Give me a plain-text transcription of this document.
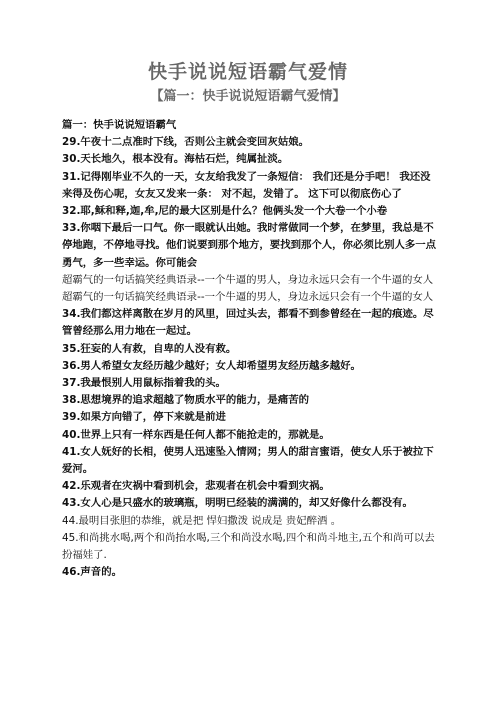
快手说说短语霸气爱情
【篇一：快手说说短语霸气爱情】

篇一：快手说说短语霸气

29.午夜十二点准时下线，否则公主就会变回灰姑娘。

30.天长地久，根本没有。海枯石烂，纯属扯淡。

31.记得刚毕业不久的一天，女友给我发了一条短信： 我们还是分手吧！ 我还没来得及伤心呢，女友又发来一条： 对不起，发错了。 这下可以彻底伤心了

32.耶,稣和释,迦,牟,尼的最大区别是什么？他俩头发一个大卷一个小卷

33.你咽下最后一口气。你一眼就认出她。我时常做同一个梦，在梦里，我总是不停地跑，不停地寻找。他们说要到那个地方，要找到那个人，你必须比别人多一点勇气，多一些幸运。你可能会

超霸气的一句话搞笑经典语录--一个牛逼的男人，身边永远只会有一个牛逼的女人超霸气的一句话搞笑经典语录--一个牛逼的男人，身边永远只会有一个牛逼的女人

34.我们都这样离散在岁月的风里，回过头去，都看不到参曾经在一起的痕迹。尽管曾经那么用力地在一起过。

35.狂妄的人有救，自卑的人没有救。

36.男人希望女友经历越少越好；女人却希望男友经历越多越好。

37.我最恨别人用鼠标指着我的头。

38.思想境界的追求超越了物质水平的能力，是痛苦的

39.如果方向错了，停下来就是前进

40.世界上只有一样东西是任何人都不能抢走的，那就是。

41.女人妩好的长相，使男人迅速坠入情网；男人的甜言蜜语，使女人乐于被拉下爱河。

42.乐观者在灾祸中看到机会，悲观者在机会中看到灾祸。

43.女人心是只盛水的玻璃瓶，明明已经装的满满的，却又好像什么都没有。

44.最明目张胆的恭维，就是把 悍妇撒泼 说成是 贵妃醉酒 。

45.和尚挑水喝,两个和尚抬水喝,三个和尚没水喝,四个和尚斗地主,五个和尚可以去扮福娃了.

46.声音的。
